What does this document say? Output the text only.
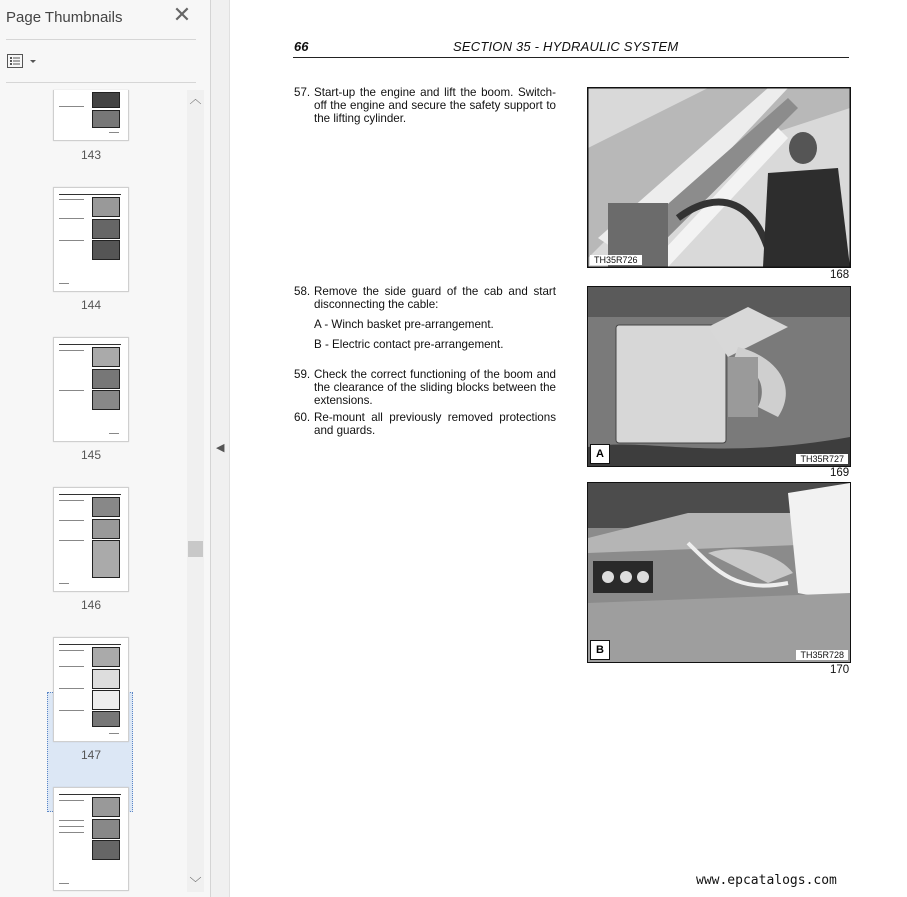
Page Thumbnails ✕
143
144
145
146
147
︿
﹀
◀
66	SECTION 35 - HYDRAULIC SYSTEM
57. Start-up the engine and lift the boom. Switch-off the engine and secure the safety support to the lifting cylinder.
58. Remove the side guard of the cab and start disconnecting the cable:
A - Winch basket pre-arrangement.
B - Electric contact pre-arrangement.
59. Check the correct functioning of the boom and the clearance of the sliding blocks between the extensions.
60. Re-mount all previously removed protections and guards.
TH35R726
168
A	TH35R727
169
B	TH35R728
170
www.epcatalogs.com
